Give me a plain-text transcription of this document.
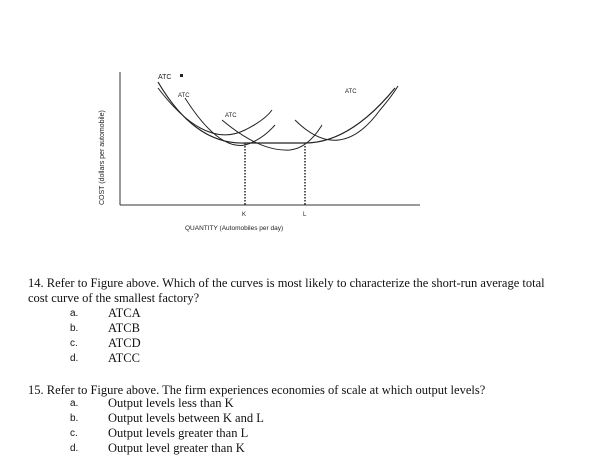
ATC
ATC
ATC
ATC
K	L
QUANTITY (Automobiles per day)
COST (dollars per automobile)
14. Refer to Figure above. Which of the curves is most likely to characterize the short-run average total cost curve of the smallest factory?
a. ATCA
b. ATCB
c. ATCD
d. ATCC
15. Refer to Figure above. The firm experiences economies of scale at which output levels?
a. Output levels less than K
b. Output levels between K and L
c. Output levels greater than L
d. Output level greater than K
